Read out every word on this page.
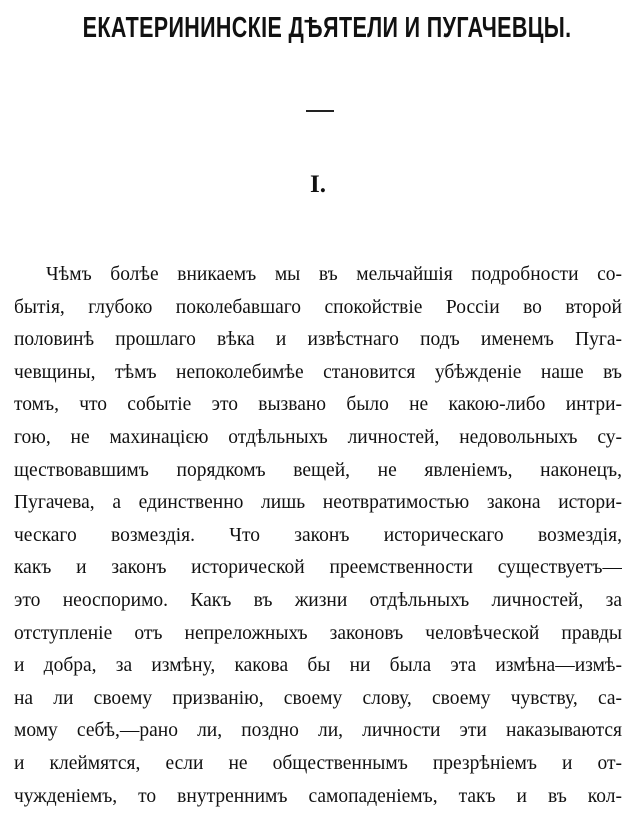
ЕКАТЕРИНИНСКІЕ ДѢЯТЕЛИ И ПУГАЧЕВЦЫ.
I.
Чѣмъ болѣе вникаемъ мы въ мельчайшія подробности со-
бытія, глубоко поколебавшаго спокойствіе Россіи во второй
половинѣ прошлаго вѣка и извѣстнаго подъ именемъ Пуга-
чевщины, тѣмъ непоколебимѣе становится убѣжденіе наше въ
томъ, что событіе это вызвано было не какою-либо интри-
гою, не махинацією отдѣльныхъ личностей, недовольныхъ су-
ществовавшимъ порядкомъ вещей, не явленіемъ, наконецъ,
Пугачева, а единственно лишь неотвратимостью закона истори-
ческаго возмездія. Что законъ историческаго возмездія,
какъ и законъ исторической преемственности существуетъ—
это неоспоримо. Какъ въ жизни отдѣльныхъ личностей, за
отступленіе отъ непреложныхъ законовъ человѣческой правды
и добра, за измѣну, какова бы ни была эта измѣна—измѣ-
на ли своему призванію, своему слову, своему чувству, са-
мому себѣ,—рано ли, поздно ли, личности эти наказываются
и клеймятся, если не общественнымъ презрѣніемъ и от-
чужденіемъ, то внутреннимъ самопаденіемъ, такъ и въ кол-
